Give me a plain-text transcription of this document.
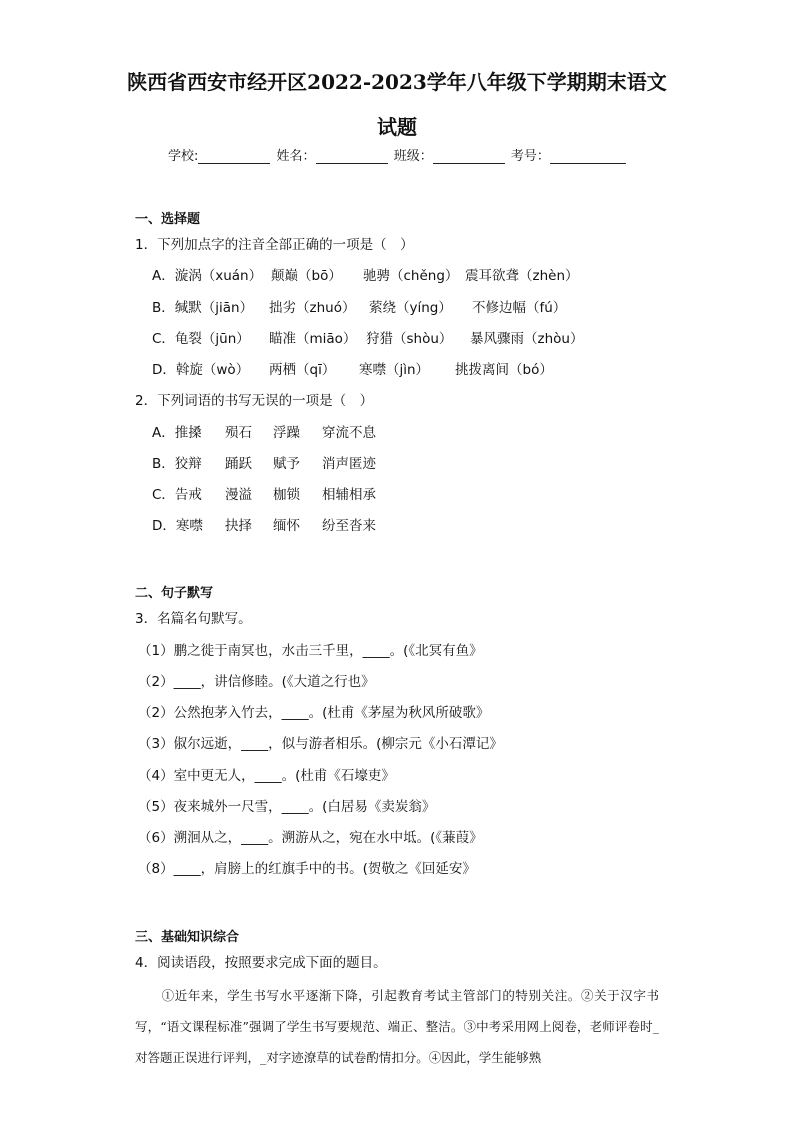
陕西省西安市经开区2022-2023学年八年级下学期期末语文
试题
学校:	姓名：	班级：	考号：
一、选择题
1．下列加点字的注音全部正确的一项是（　）
A．漩涡（xuán） 颠巅（bō） 驰骋（chěng） 震耳欲聋（zhèn）
B．缄默（jiān） 拙劣（zhuó） 萦绕（yíng） 不修边幅（fú）
C．龟裂（jūn） 瞄准（miāo） 狩猎（shòu） 暴风骤雨（zhòu）
D．斡旋（wò） 两栖（qī） 寒噤（jìn） 挑拨离间（bó）
2．下列词语的书写无误的一项是（　）
A．推搡 殒石 浮躁 穿流不息
B．狡辩 踊跃 赋予 消声匿迹
C．告戒 漫溢 枷锁 相辅相承
D．寒噤 抉择 缅怀 纷至沓来
二、句子默写
3．名篇名句默写。
（1）鹏之徙于南冥也，水击三千里，____。(《北冥有鱼》
（2）____，讲信修睦。(《大道之行也》
（2）公然抱茅入竹去，____。(杜甫《茅屋为秋风所破歌》
（3）俶尔远逝，____，似与游者相乐。(柳宗元《小石潭记》
（4）室中更无人，____。(杜甫《石壕吏》
（5）夜来城外一尺雪，____。(白居易《卖炭翁》
（6）溯洄从之，____。溯游从之，宛在水中坻。(《蒹葭》
（8）____，肩膀上的红旗手中的书。(贺敬之《回延安》
三、基础知识综合
4．阅读语段，按照要求完成下面的题目。
①近年来，学生书写水平逐渐下降，引起教育考试主管部门的特别关注。②关于汉字书写，“语文课程标准”强调了学生书写要规范、端正、整洁。③中考采用网上阅卷，老师评卷时_对答题正误进行评判，_对字迹潦草的试卷酌情扣分。④因此，学生能够熟
